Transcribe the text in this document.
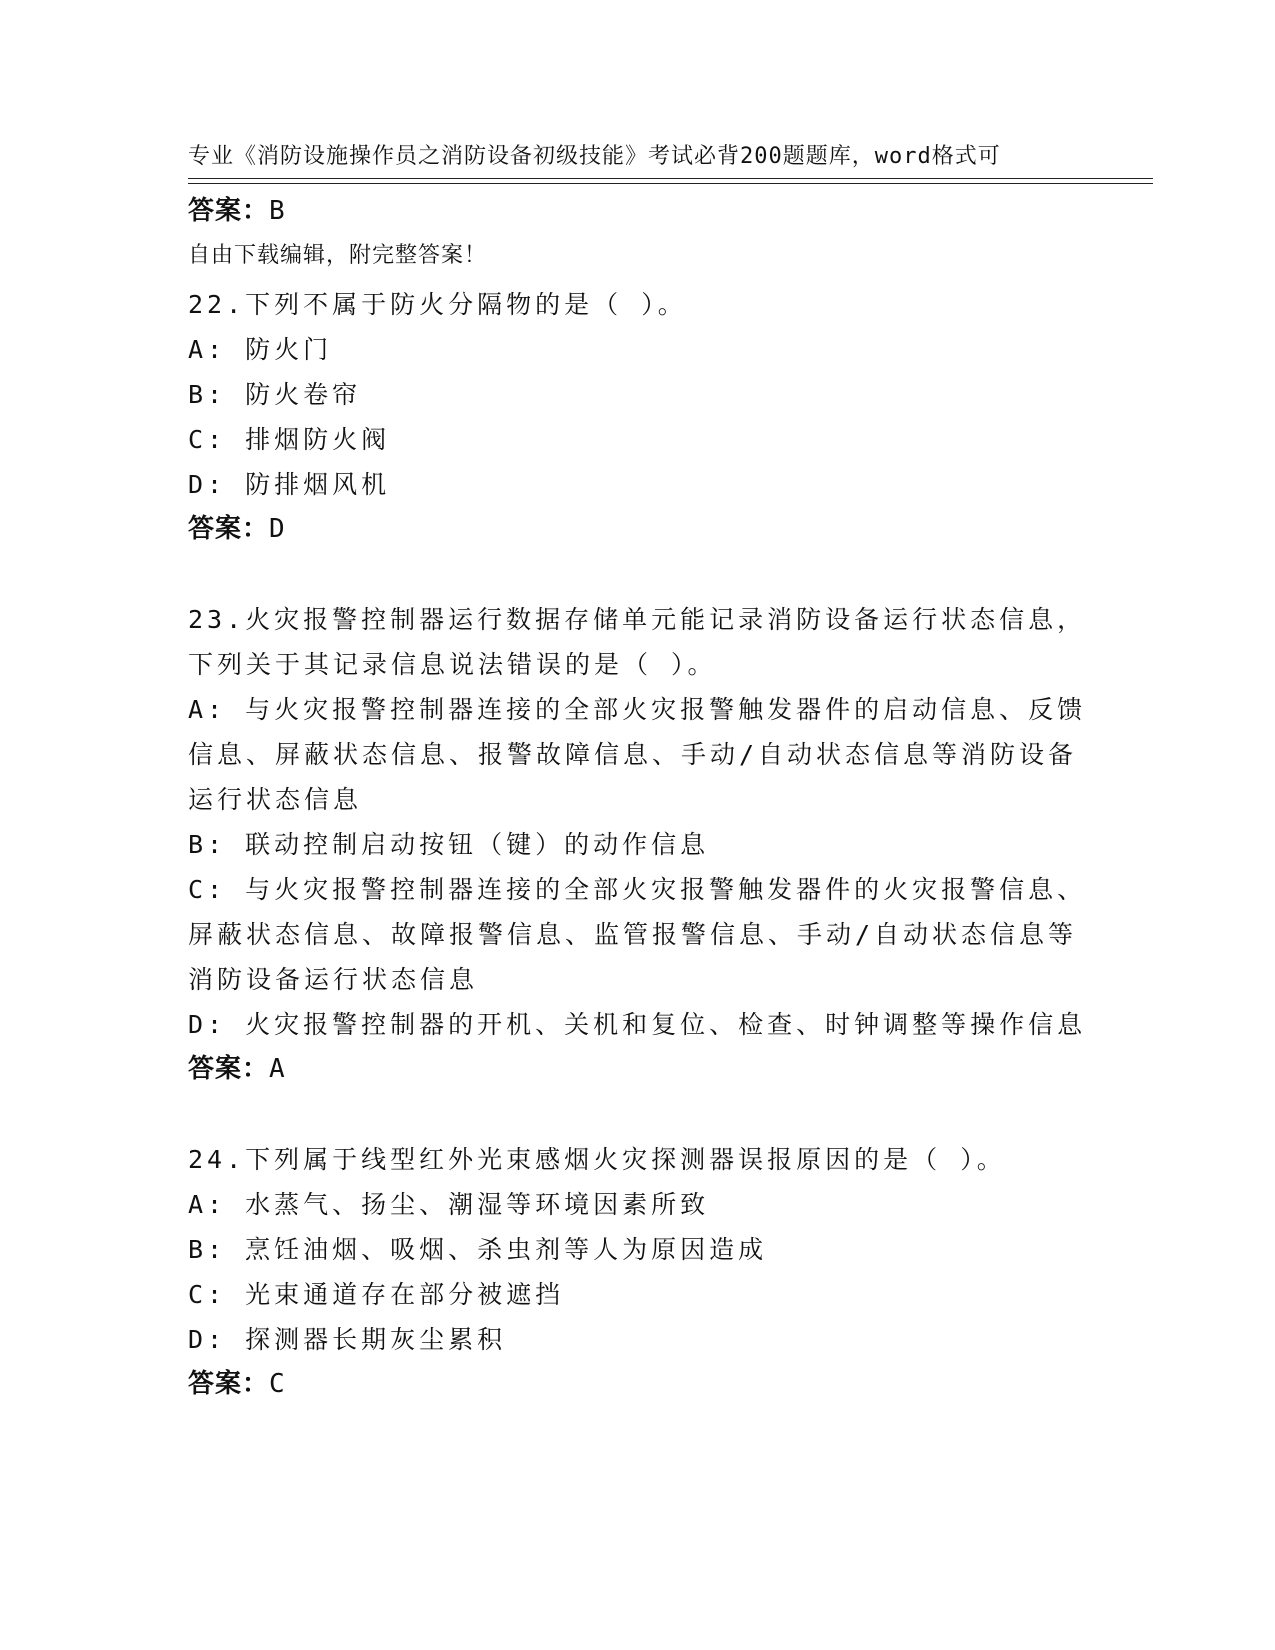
专业《消防设施操作员之消防设备初级技能》考试必背200题题库，word格式可

自由下载编辑，附完整答案！

答案：B
22.下列不属于防火分隔物的是（ ）。
A: 防火门
B: 防火卷帘
C: 排烟防火阀
D: 防排烟风机
答案：D
23.火灾报警控制器运行数据存储单元能记录消防设备运行状态信息，
下列关于其记录信息说法错误的是（ ）。
A: 与火灾报警控制器连接的全部火灾报警触发器件的启动信息、反馈
信息、屏蔽状态信息、报警故障信息、手动/自动状态信息等消防设备
运行状态信息
B: 联动控制启动按钮（键）的动作信息
C: 与火灾报警控制器连接的全部火灾报警触发器件的火灾报警信息、
屏蔽状态信息、故障报警信息、监管报警信息、手动/自动状态信息等
消防设备运行状态信息
D: 火灾报警控制器的开机、关机和复位、检查、时钟调整等操作信息
答案：A
24.下列属于线型红外光束感烟火灾探测器误报原因的是（ ）。
A: 水蒸气、扬尘、潮湿等环境因素所致
B: 烹饪油烟、吸烟、杀虫剂等人为原因造成
C: 光束通道存在部分被遮挡
D: 探测器长期灰尘累积
答案：C
